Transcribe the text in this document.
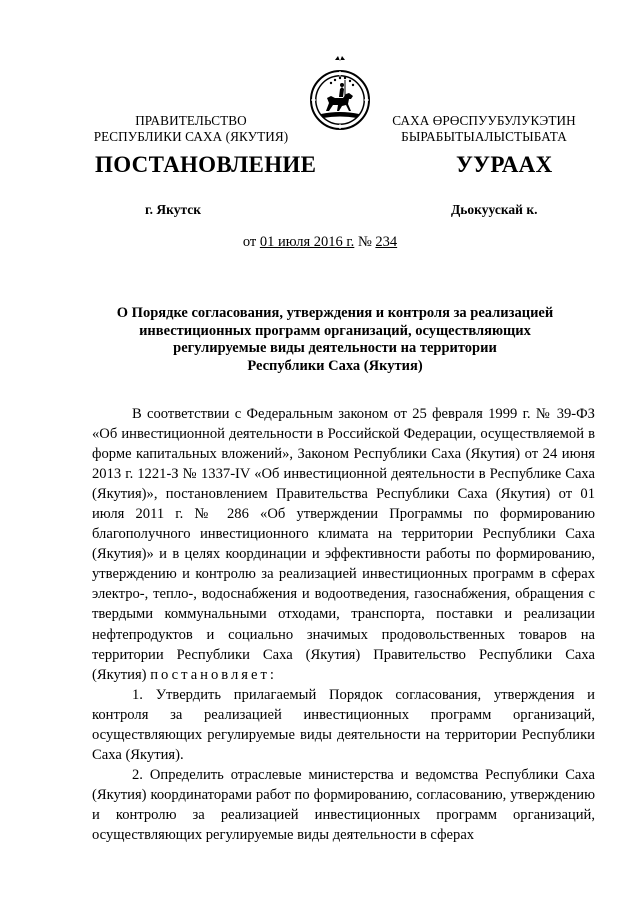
ПРАВИТЕЛЬСТВО
РЕСПУБЛИКИ САХА (ЯКУТИЯ)
САХА ӨРӨСПУУБУЛУКЭТИН
БЫРАБЫТЫАЛЫСТЫБАТА
ПОСТАНОВЛЕНИЕ	УУРААХ
г. Якутск	Дьокуускай к.
от 01 июля 2016 г. № 234
О Порядке согласования, утверждения и контроля за реализацией
инвестиционных программ организаций, осуществляющих
регулируемые виды деятельности на территории
Республики Саха (Якутия)

В соответствии с Федеральным законом от 25 февраля 1999 г. № 39-ФЗ «Об инвестиционной деятельности в Российской Федерации, осуществляемой в форме капитальных вложений», Законом Республики Саха (Якутия) от 24 июня 2013 г. 1221-З № 1337-IV «Об инвестиционной деятельности в Республике Саха (Якутия)», постановлением Правительства Республики Саха (Якутия) от 01 июля 2011 г. № 286 «Об утверждении Программы по формированию благополучного инвестиционного климата на территории Республики Саха (Якутия)» и в целях координации и эффективности работы по формированию, утверждению и контролю за реализацией инвестиционных программ в сферах электро-, тепло-, водоснабжения и водоотведения, газоснабжения, обращения с твердыми коммунальными отходами, транспорта, поставки и реализации нефтепродуктов и социально значимых продовольственных товаров на территории Республики Саха (Якутия) Правительство Республики Саха (Якутия) постановляет:

1. Утвердить прилагаемый Порядок согласования, утверждения и контроля за реализацией инвестиционных программ организаций, осуществляющих регулируемые виды деятельности на территории Республики Саха (Якутия).

2. Определить отраслевые министерства и ведомства Республики Саха (Якутия) координаторами работ по формированию, согласованию, утверждению и контролю за реализацией инвестиционных программ организаций, осуществляющих регулируемые виды деятельности в сферах
